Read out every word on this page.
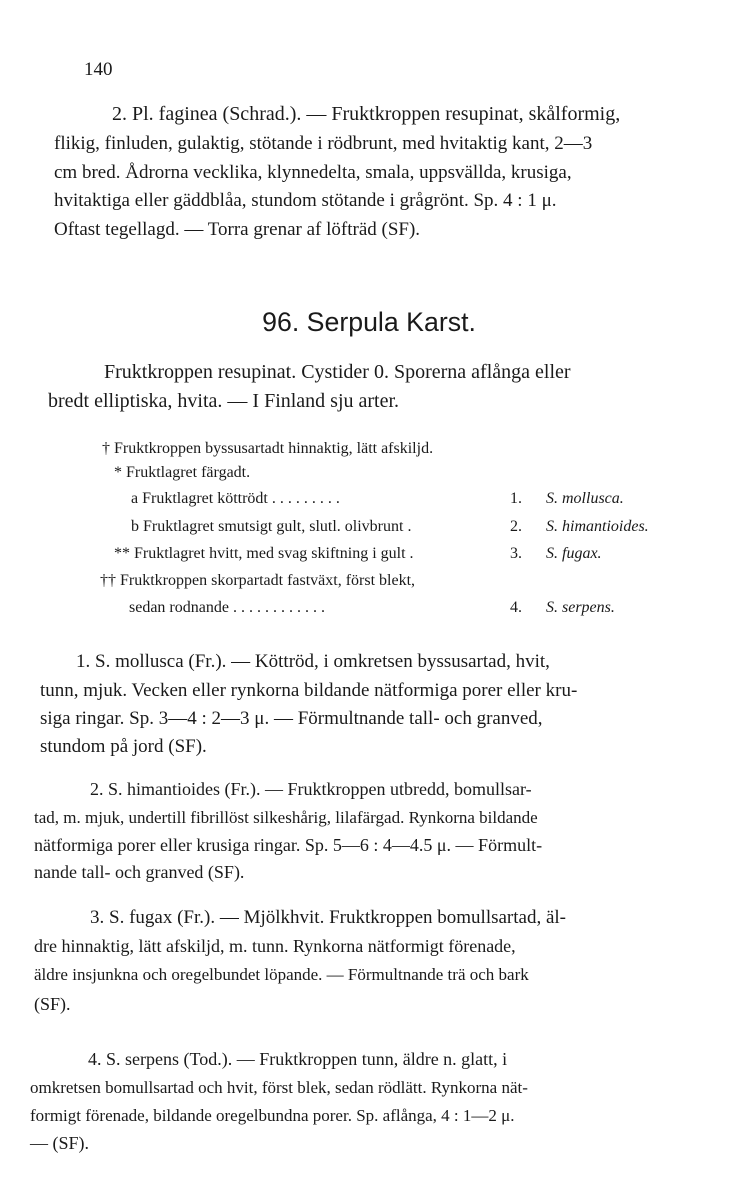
140
2. Pl. faginea (Schrad.). — Fruktkroppen resupinat, skålformig,
flikig, finluden, gulaktig, stötande i rödbrunt, med hvitaktig kant, 2—3
cm bred. Ådrorna vecklika, klynnedelta, smala, uppsvällda, krusiga,
hvitaktiga eller gäddblåa, stundom stötande i grågrönt. Sp. 4 : 1 μ.
Oftast tegellagd. — Torra grenar af löfträd (SF).
96. Serpula Karst.
Fruktkroppen resupinat. Cystider 0. Sporerna aflånga eller
bredt elliptiska, hvita. — I Finland sju arter.
† Fruktkroppen byssusartadt hinnaktig, lätt afskiljd.
* Fruktlagret färgadt.
a Fruktlagret köttrödt . . . . . . . . .
b Fruktlagret smutsigt gult, slutl. olivbrunt .
** Fruktlagret hvitt, med svag skiftning i gult .
†† Fruktkroppen skorpartadt fastväxt, först blekt,
sedan rodnande . . . . . . . . . . . .
1. S. mollusca.
2. S. himantioides.
3. S. fugax.
4. S. serpens.
1. S. mollusca (Fr.). — Köttröd, i omkretsen byssusartad, hvit,
tunn, mjuk. Vecken eller rynkorna bildande nätformiga porer eller kru-
siga ringar. Sp. 3—4 : 2—3 μ. — Förmultnande tall- och granved,
stundom på jord (SF).
2. S. himantioides (Fr.). — Fruktkroppen utbredd, bomullsar-
tad, m. mjuk, undertill fibrillöst silkeshårig, lilafärgad. Rynkorna bildande
nätformiga porer eller krusiga ringar. Sp. 5—6 : 4—4.5 μ. — Förmult-
nande tall- och granved (SF).
3. S. fugax (Fr.). — Mjölkhvit. Fruktkroppen bomullsartad, äl-
dre hinnaktig, lätt afskiljd, m. tunn. Rynkorna nätformigt förenade,
äldre insjunkna och oregelbundet löpande. — Förmultnande trä och bark
(SF).
4. S. serpens (Tod.). — Fruktkroppen tunn, äldre n. glatt, i
omkretsen bomullsartad och hvit, först blek, sedan rödlätt. Rynkorna nät-
formigt förenade, bildande oregelbundna porer. Sp. aflånga, 4 : 1—2 μ.
— (SF).
